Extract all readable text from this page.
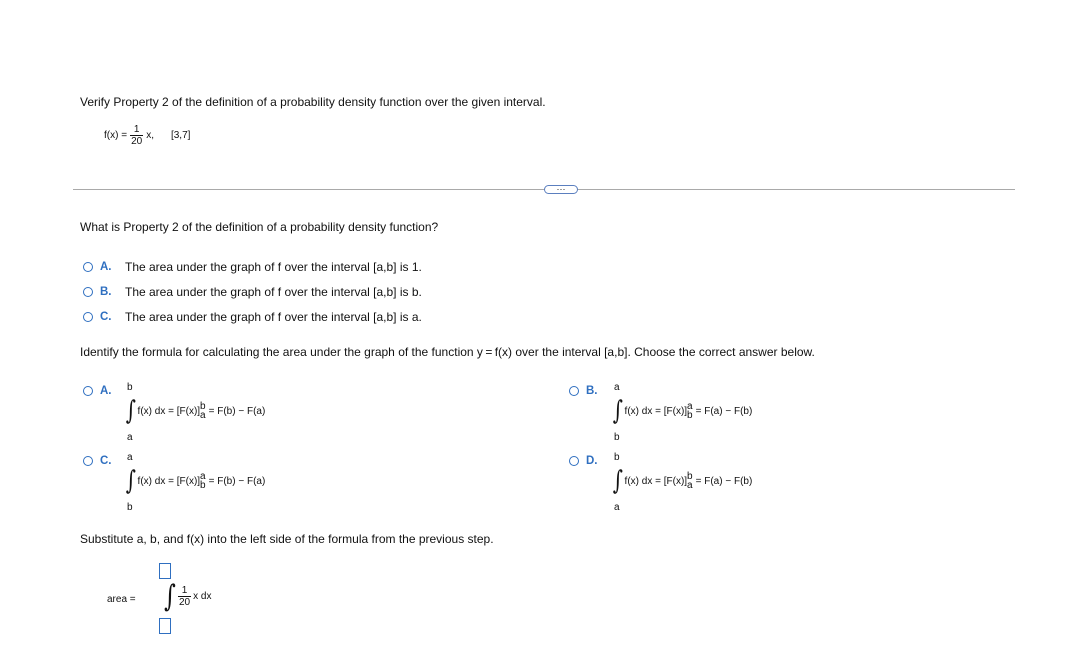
Verify Property 2 of the definition of a probability density function over the given interval.
$f(x) = \frac{1}{20} x$, [3,7]
⋯
What is Property 2 of the definition of a probability density function?
A.	The area under the graph of f over the interval [a,b] is 1.
B.	The area under the graph of f over the interval [a,b] is b.
C.	The area under the graph of f over the interval [a,b] is a.
Identify the formula for calculating the area under the graph of the function y = f(x) over the interval [a,b]. Choose the correct answer below.
A. b
∫ f(x) dx = [F(x)] b
a = F(b) − F(a)
a
B. a
∫ f(x) dx = [F(x)] a
b = F(a) − F(b)
b
C. a
∫ f(x) dx = [F(x)] a
b = F(b) − F(a)
b
D. b
∫ f(x) dx = [F(x)] b
a = F(a) − F(b)
a
Substitute a, b, and f(x) into the left side of the formula from the previous step.
area = ∫ $\frac{1}{20}$ x dx
